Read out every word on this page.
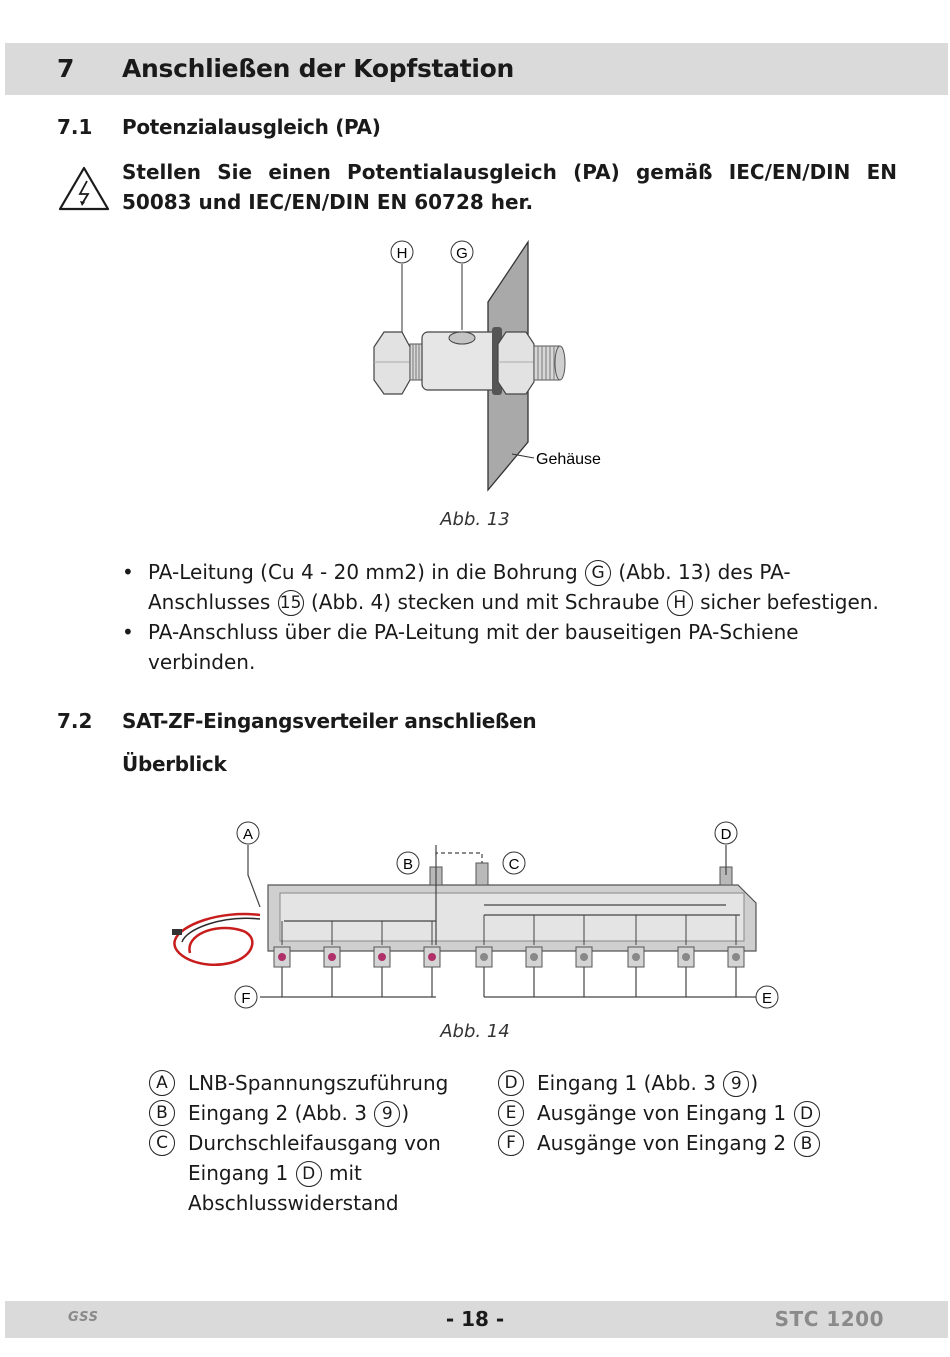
7 Anschließen der Kopfstation
7.1 Potenzialausgleich (PA)
Stellen Sie einen Potentialausgleich (PA) gemäß IEC/EN/DIN EN 50083 und IEC/EN/DIN EN 60728 her.
H	G
Gehäuse
Abb. 13
• PA-Leitung (Cu 4 - 20 mm2) in die Bohrung G (Abb. 13) des PA-Anschlusses 15 (Abb. 4) stecken und mit Schraube H sicher befestigen.
• PA-Anschluss über die PA-Leitung mit der bauseitigen PA-Schiene verbinden.
7.2 SAT-ZF-Eingangsverteiler anschließen
Überblick
A
B	C
D
E
F
Abb. 14
A	LNB-Spannungszuführung
B	Eingang 2 (Abb. 3 9 )
C	Durchschleifausgang von Eingang 1 D mit Abschlusswiderstand
D Eingang 1 (Abb. 3 9 )
E	Ausgänge von Eingang 1 D
F	Ausgänge von Eingang 2 B
GSS	- 18 -	STC 1200
